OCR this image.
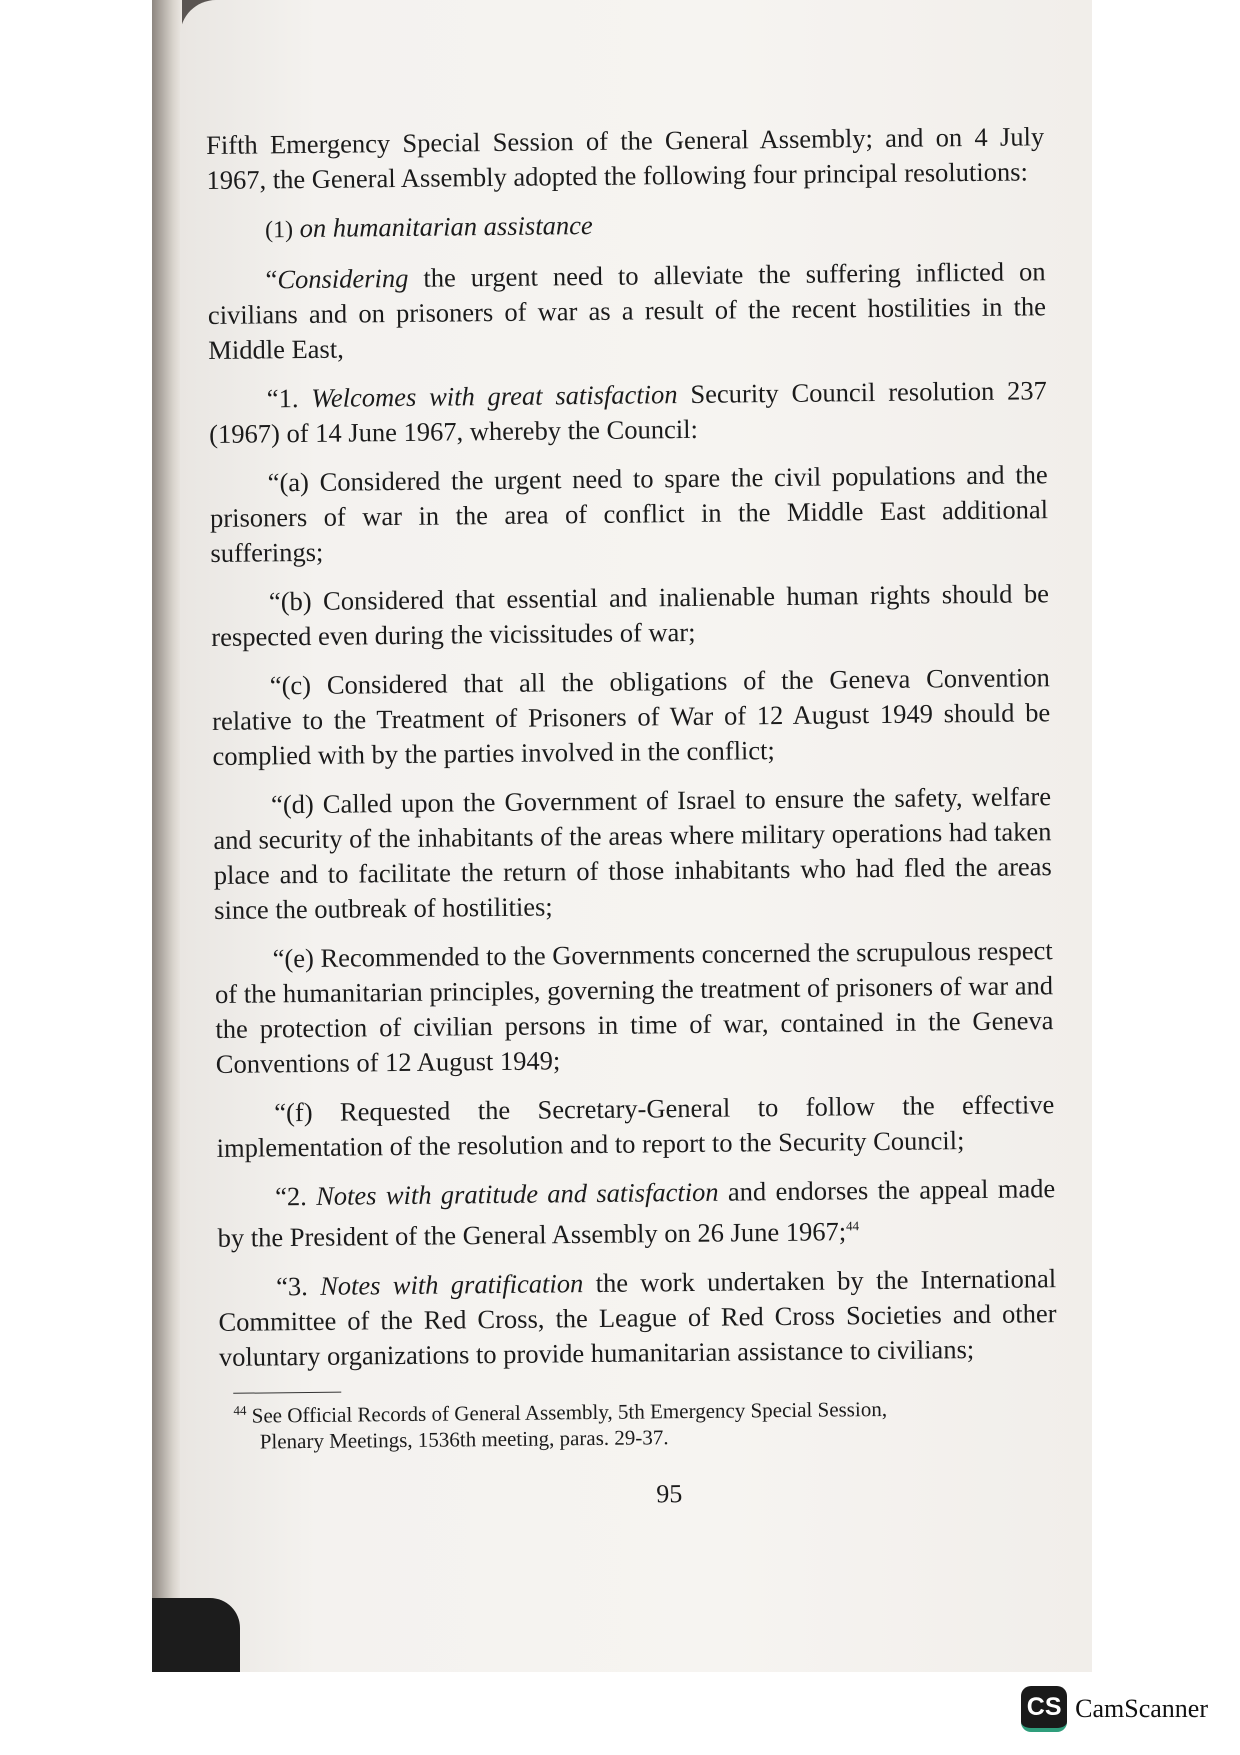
Fifth Emergency Special Session of the General Assembly; and on 4 July 1967, the General Assembly adopted the following four principal resolutions:

(1) on humanitarian assistance

“Considering the urgent need to alleviate the suffering inflicted on civilians and on prisoners of war as a result of the recent hostilities in the Middle East,

“1. Welcomes with great satisfaction Security Council resolution 237 (1967) of 14 June 1967, whereby the Council:

“(a) Considered the urgent need to spare the civil populations and the prisoners of war in the area of conflict in the Middle East additional sufferings;

“(b) Considered that essential and inalienable human rights should be respected even during the vicissitudes of war;

“(c) Considered that all the obligations of the Geneva Convention relative to the Treatment of Prisoners of War of 12 August 1949 should be complied with by the parties involved in the conflict;

“(d) Called upon the Government of Israel to ensure the safety, welfare and security of the inhabitants of the areas where military operations had taken place and to facilitate the return of those inhabitants who had fled the areas since the outbreak of hostilities;

“(e) Recommended to the Governments concerned the scrupulous respect of the humanitarian principles, governing the treatment of prisoners of war and the protection of civilian persons in time of war, contained in the Geneva Conventions of 12 August 1949;

“(f) Requested the Secretary-General to follow the effective implementation of the resolution and to report to the Security Council;

“2. Notes with gratitude and satisfaction and endorses the appeal made by the President of the General Assembly on 26 June 1967;$^{44}$

“3. Notes with gratification the work undertaken by the International Committee of the Red Cross, the League of Red Cross Societies and other voluntary organizations to provide humanitarian assistance to civilians;

$^{44}$ See Official Records of General Assembly, 5th Emergency Special Session,
Plenary Meetings, 1536th meeting, paras. 29-37.
95
CS CamScanner
